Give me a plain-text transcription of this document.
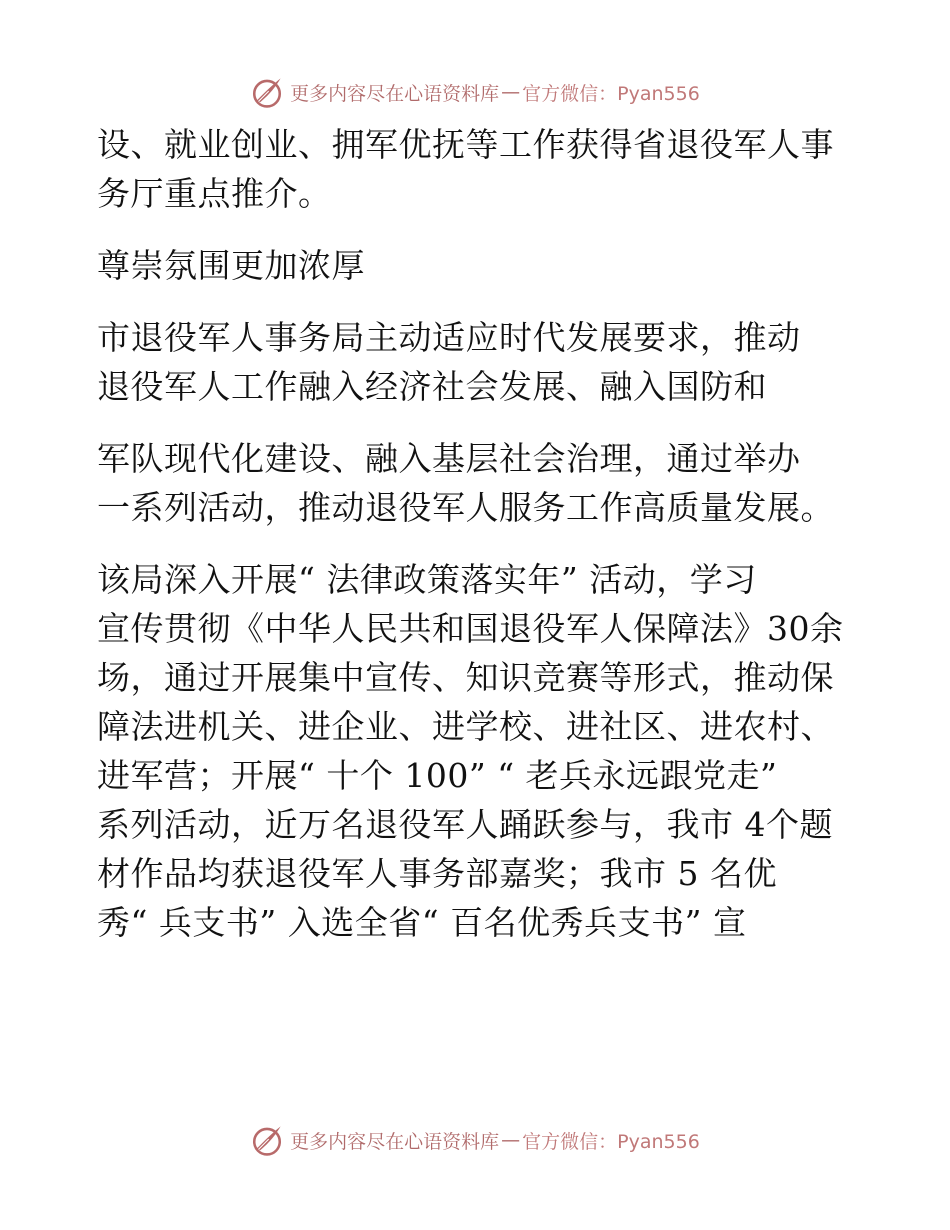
更多内容尽在心语资料库 — 官方微信：Pyan556
设、就业创业、拥军优抚等工作获得省退役军人事
务厅重点推介。
尊崇氛围更加浓厚
市退役军人事务局主动适应时代发展要求，推动
退役军人工作融入经济社会发展、融入国防和
军队现代化建设、融入基层社会治理，通过举办
一系列活动，推动退役军人服务工作高质量发展。
该局深入开展“ 法律政策落实年” 活动，学习
宣传贯彻《中华人民共和国退役军人保障法》30余
场，通过开展集中宣传、知识竞赛等形式，推动保
障法进机关、进企业、进学校、进社区、进农村、
进军营；开展“ 十个 100” “ 老兵永远跟党走”
系列活动，近万名退役军人踊跃参与，我市 4个题
材作品均获退役军人事务部嘉奖；我市 5 名优
秀“ 兵支书” 入选全省“ 百名优秀兵支书” 宣
更多内容尽在心语资料库 — 官方微信：Pyan556
